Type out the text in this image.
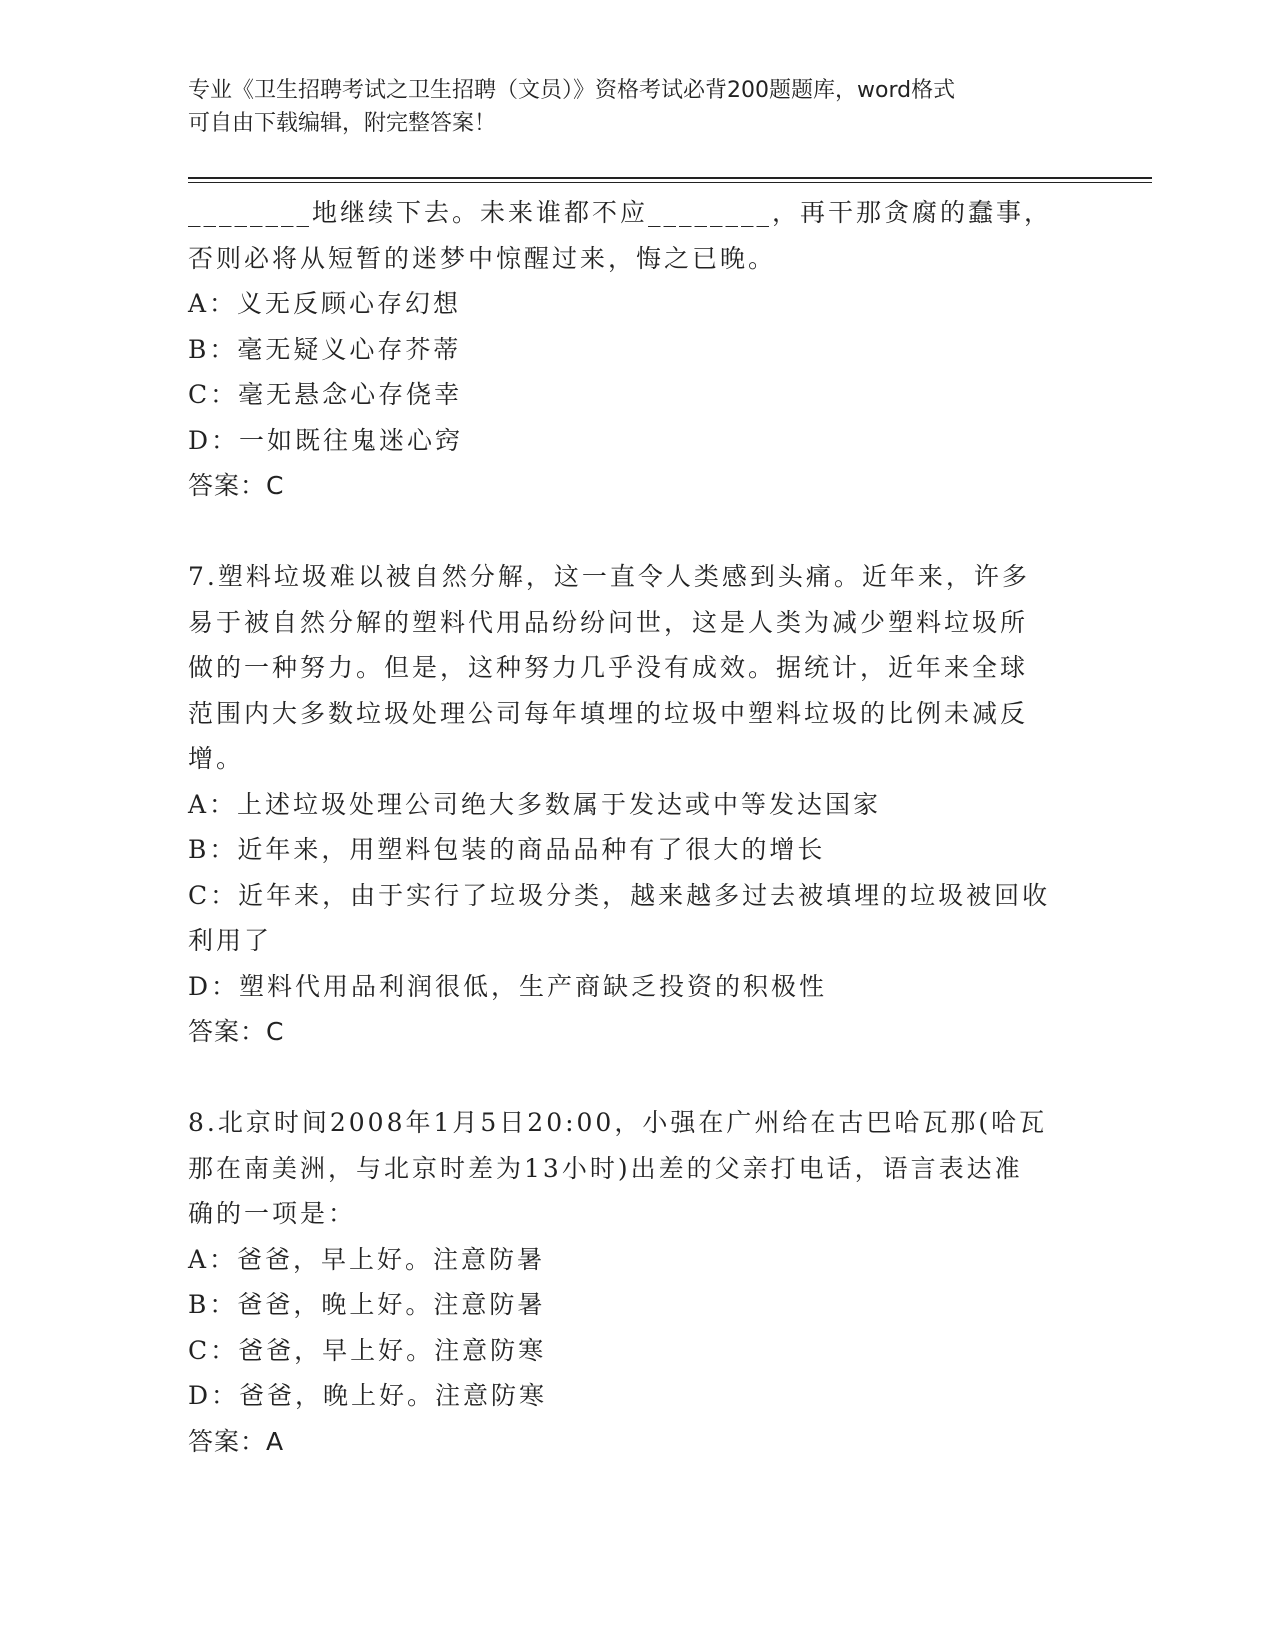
专业《卫生招聘考试之卫生招聘（文员）》资格考试必背200题题库，word格式
可自由下载编辑，附完整答案！
________地继续下去。未来谁都不应________，再干那贪腐的蠢事，
否则必将从短暂的迷梦中惊醒过来，悔之已晚。
A：义无反顾心存幻想
B：毫无疑义心存芥蒂
C：毫无悬念心存侥幸
D：一如既往鬼迷心窍
答案：C
7.塑料垃圾难以被自然分解，这一直令人类感到头痛。近年来，许多
易于被自然分解的塑料代用品纷纷问世，这是人类为减少塑料垃圾所
做的一种努力。但是，这种努力几乎没有成效。据统计，近年来全球
范围内大多数垃圾处理公司每年填埋的垃圾中塑料垃圾的比例未减反
增。
A：上述垃圾处理公司绝大多数属于发达或中等发达国家
B：近年来，用塑料包装的商品品种有了很大的增长
C：近年来，由于实行了垃圾分类，越来越多过去被填埋的垃圾被回收
利用了
D：塑料代用品利润很低，生产商缺乏投资的积极性
答案：C
8.北京时间2008年1月5日20:00，小强在广州给在古巴哈瓦那(哈瓦
那在南美洲，与北京时差为13小时)出差的父亲打电话，语言表达准
确的一项是：
A：爸爸，早上好。注意防暑
B：爸爸，晚上好。注意防暑
C：爸爸，早上好。注意防寒
D：爸爸，晚上好。注意防寒
答案：A
